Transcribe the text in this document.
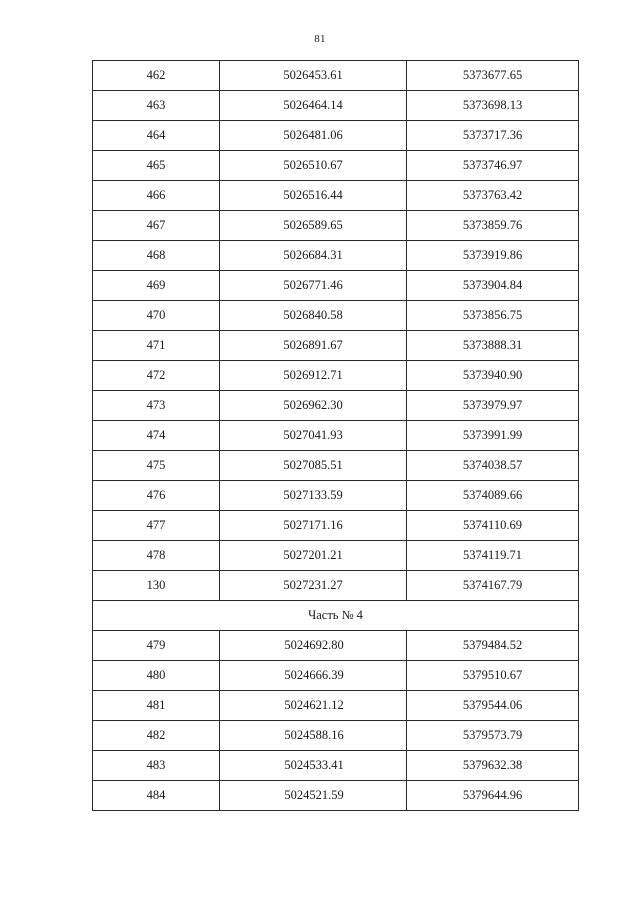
81
462	5026453.61	5373677.65
463	5026464.14	5373698.13
464	5026481.06	5373717.36
465	5026510.67	5373746.97
466	5026516.44	5373763.42
467	5026589.65	5373859.76
468	5026684.31	5373919.86
469	5026771.46	5373904.84
470	5026840.58	5373856.75
471	5026891.67	5373888.31
472	5026912.71	5373940.90
473	5026962.30	5373979.97
474	5027041.93	5373991.99
475	5027085.51	5374038.57
476	5027133.59	5374089.66
477	5027171.16	5374110.69
478	5027201.21	5374119.71
130	5027231.27	5374167.79
Часть № 4		
479	5024692.80	5379484.52
480	5024666.39	5379510.67
481	5024621.12	5379544.06
482	5024588.16	5379573.79
483	5024533.41	5379632.38
484	5024521.59	5379644.96
